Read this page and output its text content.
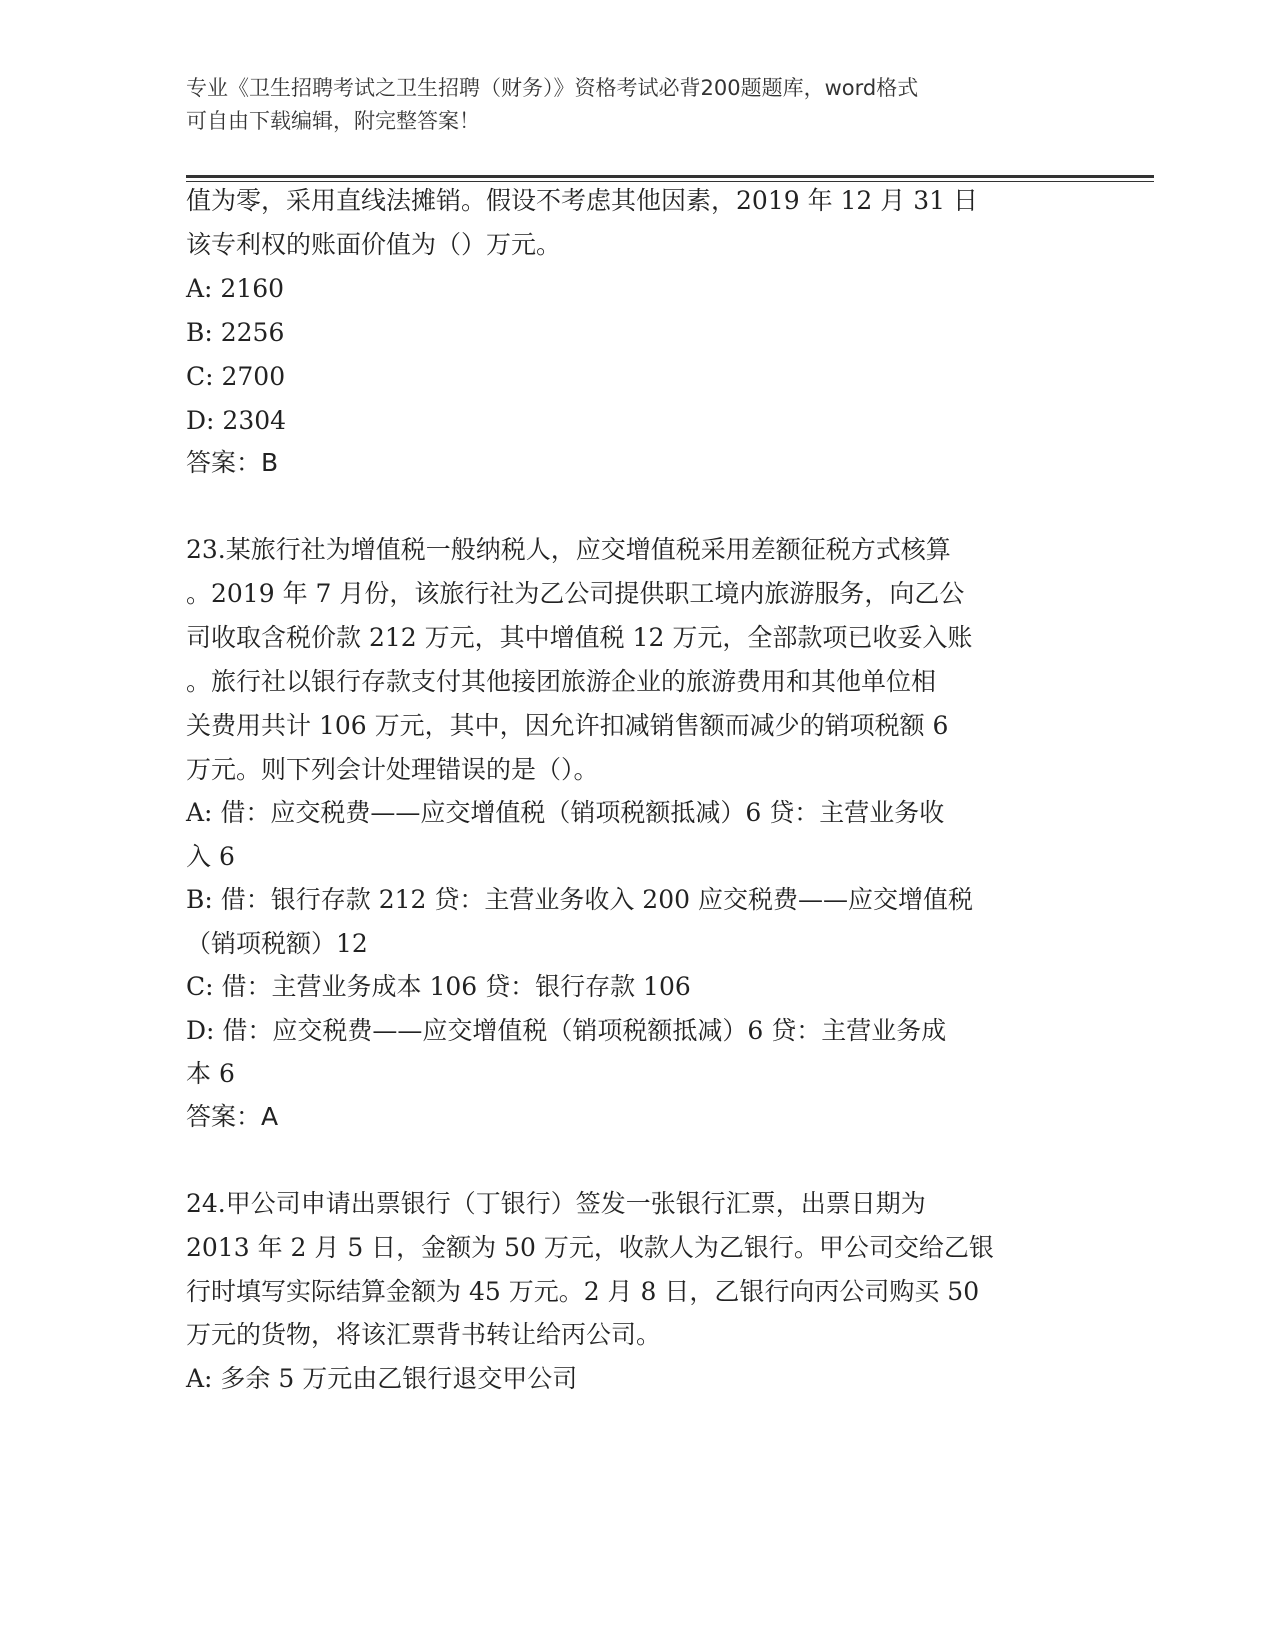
专业《卫生招聘考试之卫生招聘（财务）》资格考试必背200题题库，word格式
可自由下载编辑，附完整答案！
值为零，采用直线法摊销。假设不考虑其他因素，2019 年 12 月 31 日
该专利权的账面价值为（）万元。
A: 2160
B: 2256
C: 2700
D: 2304
答案：B
23.某旅行社为增值税一般纳税人，应交增值税采用差额征税方式核算
。2019 年 7 月份，该旅行社为乙公司提供职工境内旅游服务，向乙公
司收取含税价款 212 万元，其中增值税 12 万元，全部款项已收妥入账
。旅行社以银行存款支付其他接团旅游企业的旅游费用和其他单位相
关费用共计 106 万元，其中，因允许扣减销售额而减少的销项税额 6
万元。则下列会计处理错误的是（）。
A: 借：应交税费——应交增值税（销项税额抵减）6 贷：主营业务收
入 6
B: 借：银行存款 212 贷：主营业务收入 200 应交税费——应交增值税
（销项税额）12
C: 借：主营业务成本 106 贷：银行存款 106
D: 借：应交税费——应交增值税（销项税额抵减）6 贷：主营业务成
本 6
答案：A
24.甲公司申请出票银行（丁银行）签发一张银行汇票，出票日期为
2013 年 2 月 5 日，金额为 50 万元，收款人为乙银行。甲公司交给乙银
行时填写实际结算金额为 45 万元。2 月 8 日，乙银行向丙公司购买 50
万元的货物，将该汇票背书转让给丙公司。
A: 多余 5 万元由乙银行退交甲公司
